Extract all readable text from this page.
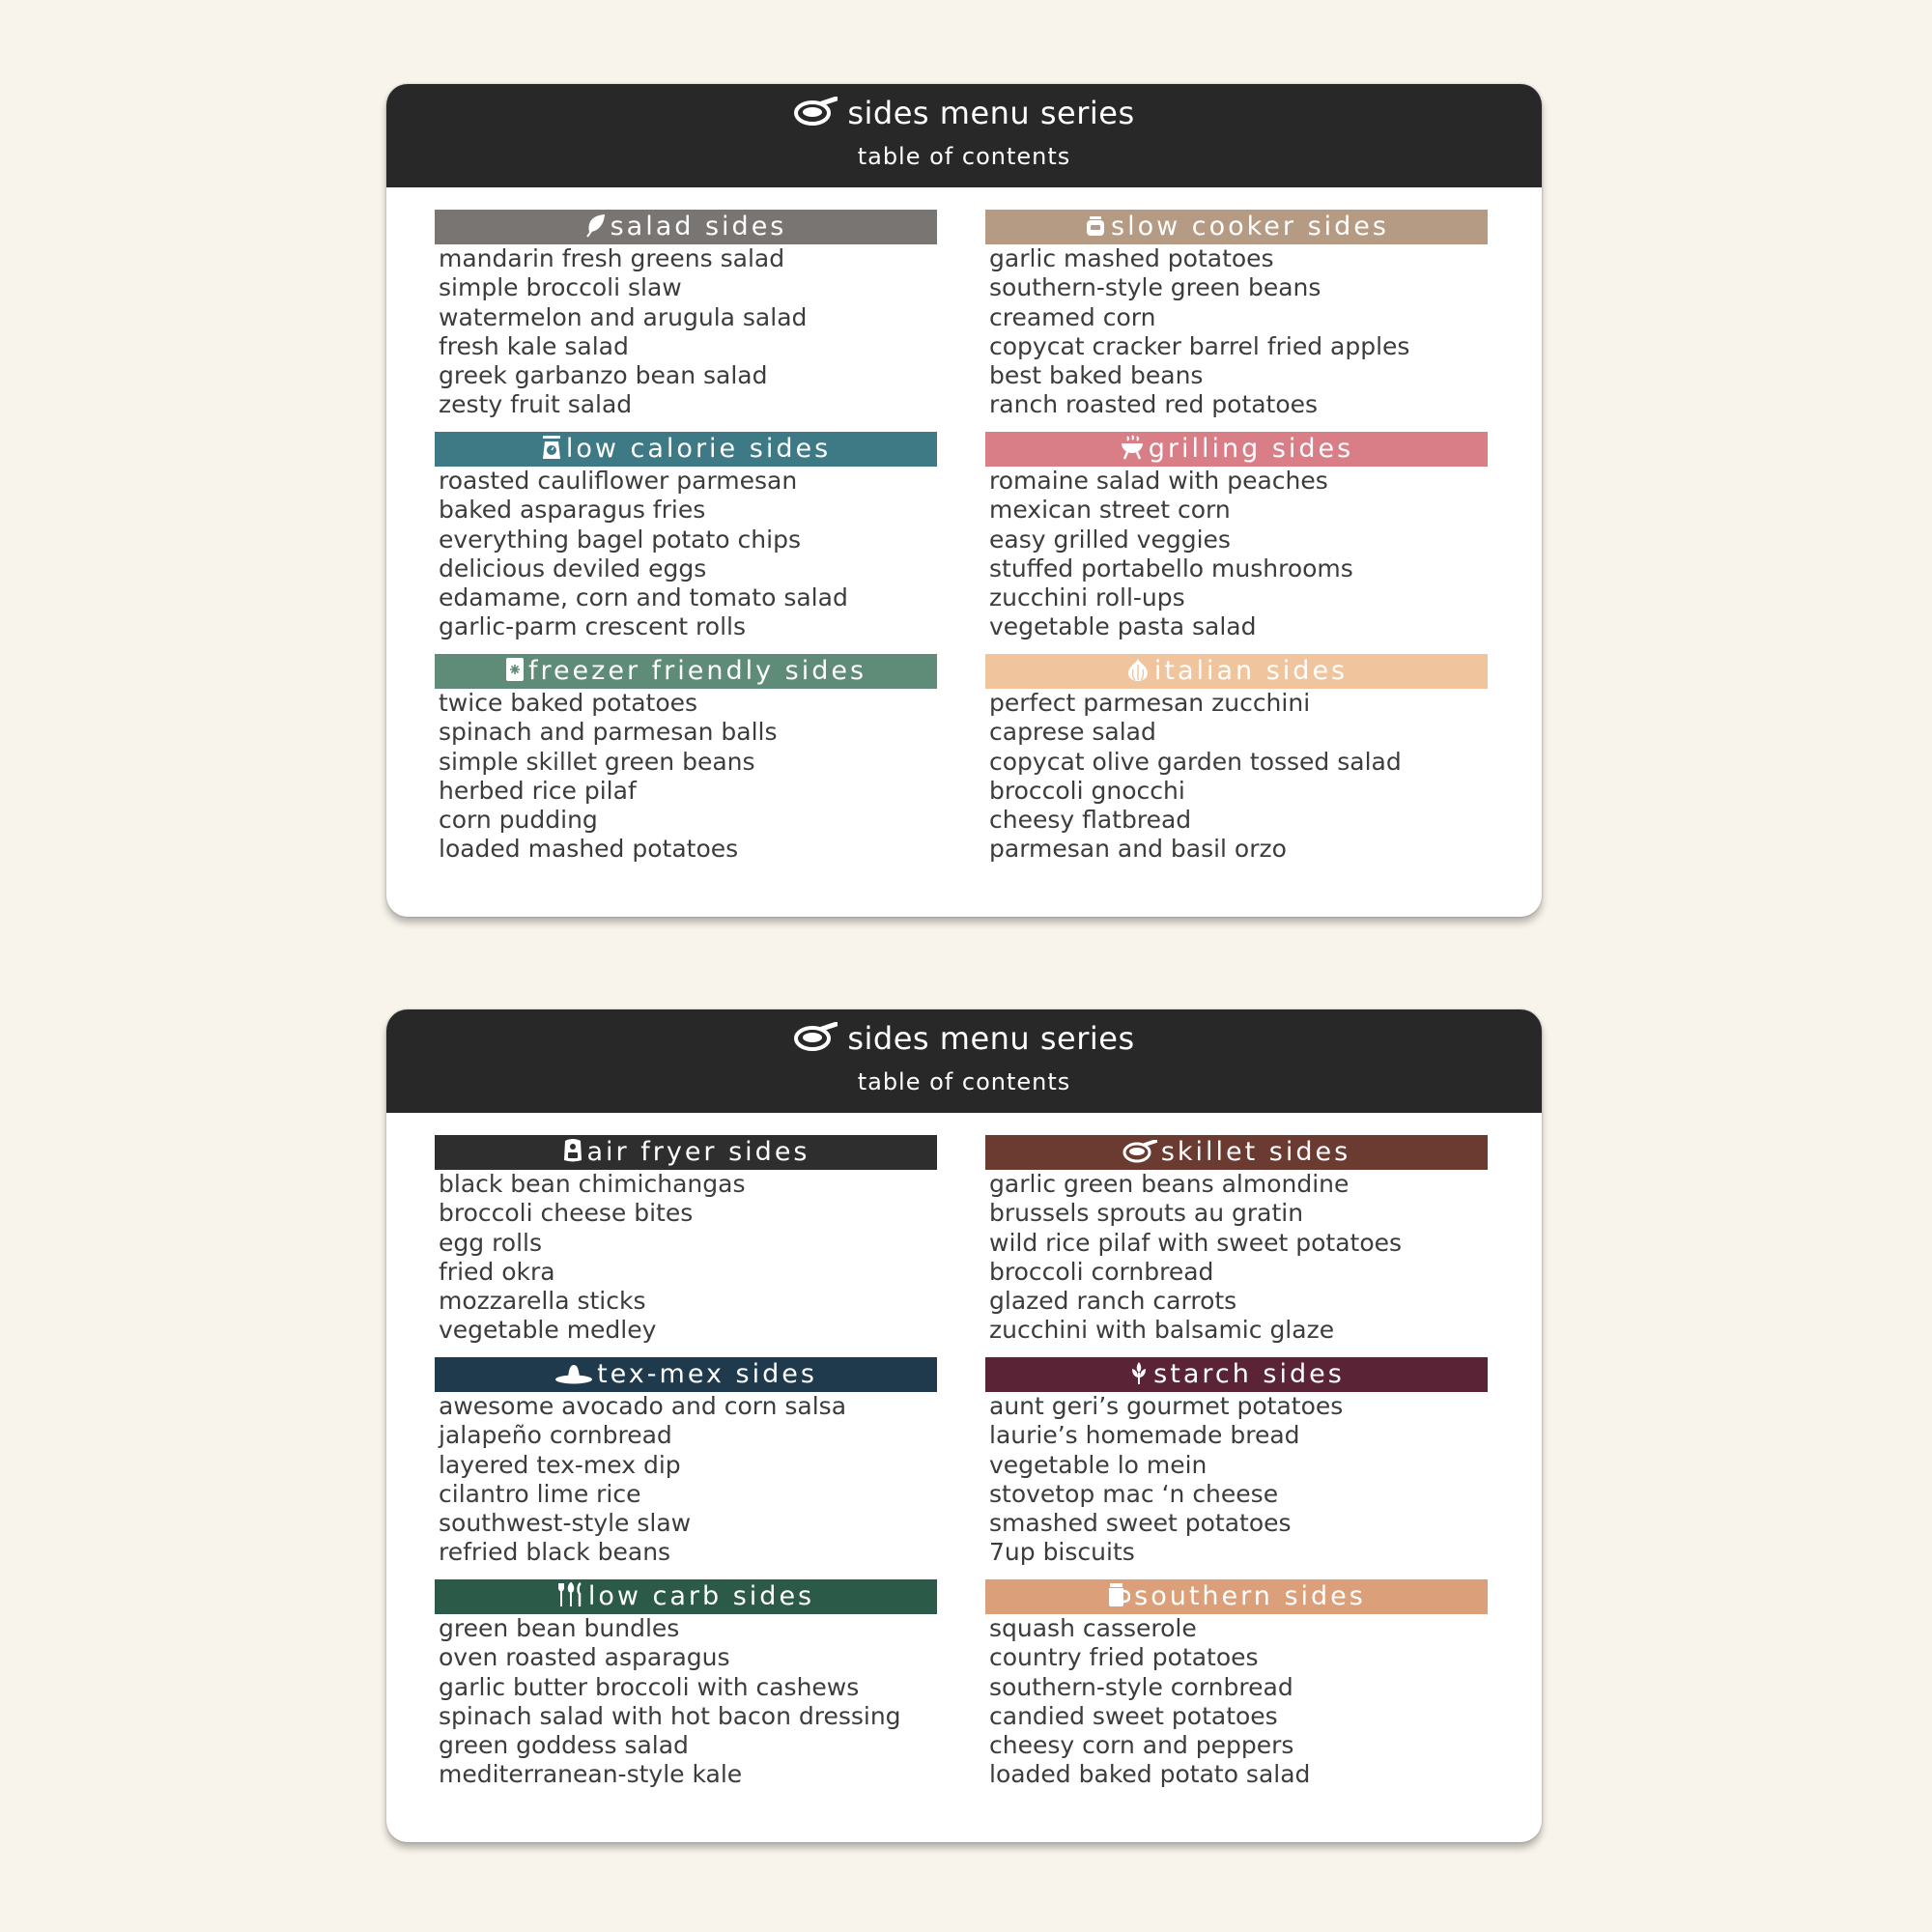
sides menu series
table of contents
salad sides
mandarin fresh greens salad
simple broccoli slaw
watermelon and arugula salad
fresh kale salad
greek garbanzo bean salad
zesty fruit salad
slow cooker sides
garlic mashed potatoes
southern-style green beans
creamed corn
copycat cracker barrel fried apples
best baked beans
ranch roasted red potatoes
low calorie sides
roasted cauliflower parmesan
baked asparagus fries
everything bagel potato chips
delicious deviled eggs
edamame, corn and tomato salad
garlic-parm crescent rolls
grilling sides
romaine salad with peaches
mexican street corn
easy grilled veggies
stuffed portabello mushrooms
zucchini roll-ups
vegetable pasta salad
freezer friendly sides
twice baked potatoes
spinach and parmesan balls
simple skillet green beans
herbed rice pilaf
corn pudding
loaded mashed potatoes
italian sides
perfect parmesan zucchini
caprese salad
copycat olive garden tossed salad
broccoli gnocchi
cheesy flatbread
parmesan and basil orzo
sides menu series
table of contents
air fryer sides
black bean chimichangas
broccoli cheese bites
egg rolls
fried okra
mozzarella sticks
vegetable medley
skillet sides
garlic green beans almondine
brussels sprouts au gratin
wild rice pilaf with sweet potatoes
broccoli cornbread
glazed ranch carrots
zucchini with balsamic glaze
tex-mex sides
awesome avocado and corn salsa
jalapeño cornbread
layered tex-mex dip
cilantro lime rice
southwest-style slaw
refried black beans
starch sides
aunt geri’s gourmet potatoes
laurie’s homemade bread
vegetable lo mein
stovetop mac ‘n cheese
smashed sweet potatoes
7up biscuits
low carb sides
green bean bundles
oven roasted asparagus
garlic butter broccoli with cashews
spinach salad with hot bacon dressing
green goddess salad
mediterranean-style kale
southern sides
squash casserole
country fried potatoes
southern-style cornbread
candied sweet potatoes
cheesy corn and peppers
loaded baked potato salad
